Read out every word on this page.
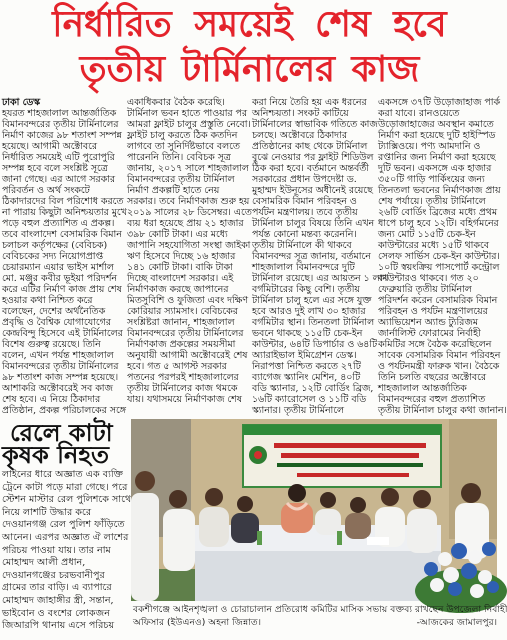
নির্ধারিত সময়েই শেষ হবে
তৃতীয় টার্মিনালের কাজ
ঢাকা ডেস্ক
হযরত শাহজালাল আন্তর্জাতিক
বিমানবন্দরের তৃতীয় টার্মিনালের
নির্মাণ কাজের ৯৮ শতাংশ সম্পন্ন
হয়েছে। আগামী অক্টোবরে
নির্ধারিত সময়েই এটি পুরোপুরি
সম্পন্ন হবে বলে সংশ্লিষ্ট সূত্রে
জানা গেছে। এর আগে সরকার
পরিবর্তন ও অর্থ সংকটে
ঠিকাদারদের বিল পরিশোধ করতে
না পারায় কিছুটা অনিশ্চয়তার মুখে
পড়ে বহুল প্রত্যাশিত এ প্রকল্প।
তবে বাংলাদেশ বেসামরিক বিমান
চলাচল কর্তৃপক্ষের (বেবিচক)
বেবিচকের সদ্য নিয়োগপ্রাপ্ত
চেয়ারম্যান এয়ার ভাইস মার্শাল
মো. মঞ্জুর কবীর ভূইয়া পরিদর্শন
করে এটির নির্মাণ কাজ প্রায় শেষ
হওয়ার কথা নিশ্চিত করে
বলেছেন, দেশের অর্থনৈতিক
প্রবৃদ্ধি ও বৈশ্বিক যোগাযোগের
কেন্দ্রবিন্দু হিসেবে এই টার্মিনালের
বিশেষ গুরুত্ব রয়েছে। তিনি
বলেন, এখন পর্যন্ত শাহজালাল
বিমানবন্দরের তৃতীয় টার্মিনালের
৯৮ শতাংশ কাজ সম্পন্ন হয়েছে।
আশাকরি অক্টোবরেই সব কাজ
শেষ হবে। এ নিয়ে ঠিকাদার
প্রতিষ্ঠান, প্রকল্প পরিচালকের সঙ্গে
একাধিকবার বৈঠক করেছি।
টার্মিনাল ভবন হাতে পাওয়ার পর
আমরা ফ্লাইট চালুর প্রস্তুতি নেবো।
ফ্লাইট চালু করতে ঠিক কতদিন
লাগবে তা সুনির্দিষ্টভাবে বলতে
পারেননি তিনি। বেবিচক সূত্র
জানায়, ২০১৭ সালে শাহজালাল
বিমানবন্দরের তৃতীয় টার্মিনাল
নির্মাণ প্রকল্পটি হাতে নেয়
সরকার। তবে নির্মাণকাজ শুরু হয়
২০১৯ সালের ২৮ ডিসেম্বর। এতে
ব্যয় ধরা হয়েছে প্রায় ২১ হাজার
৩৯৮ কোটি টাকা। এর মধ্যে
জাপানি সহযোগিতা সংস্থা জাইকা
ঋণ হিসেবে দিচ্ছে ১৬ হাজার
১৪১ কোটি টাকা। বাকি টাকা
দিচ্ছে বাংলাদেশ সরকার। এই
নির্মাণকাজ করছে জাপানের
মিতসুবিশি ও ফুজিতা এবং দক্ষিণ
কোরিয়ার স্যামসাং। বেবিচকের
সংশ্লিষ্টরা জানান, শাহজালাল
বিমানবন্দরের তৃতীয় টার্মিনালের
নির্মাণকাজ প্রকল্পের সময়সীমা
অনুযায়ী আগামী অক্টোবরেই শেষ
হবে। গত ৫ আগস্ট সরকার
পতনের পরপরই শাহজালালের
তৃতীয় টার্মিনালের কাজ থমকে
যায়। যথাসময়ে নির্মাণকাজ শেষ
করা নিয়ে তৈরি হয় এক ধরনের
অনিশ্চয়তা। সংকট কাটিয়ে
টার্মিনালের স্বাভাবিক গতিতে কাজ
চলছে। অক্টোবরে ঠিকাদার
প্রতিষ্ঠানের কাছ থেকে টার্মিনাল
বুঝে নেওয়ার পর ফ্লাইট শিডিউল
ঠিক করা হবে। বর্তমানে অন্তর্বর্তী
সরকারের প্রধান উপদেষ্টা ড.
মুহাম্মদ ইউনূসের অধীনেই রয়েছে
বেসামরিক বিমান পরিবহন ও
পর্যটন মন্ত্রণালয়। তবে তৃতীয়
টার্মিনাল চালুর বিষয়ে তিনি এখন
পর্যন্ত কোনো মন্তব্য করেননি।
তৃতীয় টার্মিনালে কী থাকবে
বিমানবন্দর সূত্র জানায়, বর্তমানে
শাহজালাল বিমানবন্দরে দুটি
টার্মিনাল রয়েছে। এর আয়তন ১ লাখ
বর্গমিটারের কিছু বেশি। তৃতীয়
টার্মিনাল চালু হলে এর সঙ্গে যুক্ত
হবে আরও দুই লাখ ৩০ হাজার
বর্গমিটার স্থান। তিনতলা টার্মিনাল
ভবনে থাকছে ১১৫টি চেক-ইন
কাউন্টার, ৬৪টি ডিপার্চার ও ৬৪টি
অ্যারাইভাল ইমিগ্রেশন ডেস্ক।
নিরাপত্তা নিশ্চিত করতে ২৭টি
ব্যাগেজ স্ক্যানিং মেশিন, ৪০টি
বডি স্ক্যানার, ১২টি বোর্ডিং ব্রিজ,
১৬টি ক্যারোসেল ও ১১টি বডি
স্ক্যানার। তৃতীয় টার্মিনালে
একসঙ্গে ৩৭টি উড়োজাহাজ পার্ক
করা যাবে। রানওয়েতে
উড়োজাহাজের অবস্থান কমাতে
নির্মাণ করা হয়েছে দুটি হাইস্পিড
ট্যাক্সিওয়ে। পণ্য আমদানি ও
রপ্তানির জন্য নির্মাণ করা হয়েছে
দুটি ভবন। একসঙ্গে এক হাজার
৩৫০টি গাড়ি পার্কিংয়ের জন্য
তিনতলা ভবনের নির্মাণকাজ প্রায়
শেষ পর্যায়ে। তৃতীয় টার্মিনালে
২৬টি বোর্ডিং ব্রিজের মধ্যে প্রথম
ধাপে চালু হবে ১২টি। বহির্গমনের
জন্য মোট ১১৫টি চেক-ইন
কাউন্টারের মধ্যে ১৫টি থাকবে
সেলফ সার্ভিস চেক-ইন কাউন্টার।
১০টি স্বয়ংক্রিয় পাসপোর্ট কন্ট্রোল
কাউন্টারও থাকবে। গত ২০
ফেব্রুয়ারি তৃতীয় টার্মিনাল
পরিদর্শন করেন বেসামরিক বিমান
পরিবহন ও পর্যটন মন্ত্রণালয়ের
অ্যাভিয়েশন অ্যান্ড ট্যুরিজম
জার্নালিস্ট ফোরামের নির্বাহী
কমিটির সঙ্গে বৈঠক করেছিলেন
সাবেক বেসামরিক বিমান পরিবহন
ও পর্যটনমন্ত্রী ফারুক খান। বৈঠকে
তিনি চলতি বছরের অক্টোবরে
শাহজালাল আন্তর্জাতিক
বিমানবন্দরের বহুল প্রত্যাশিত
তৃতীয় টার্মিনাল চালুর কথা জানান।
রেলে কাটা
কৃষক নিহত
লাইনের ধারে অজ্ঞাত এক ব্যক্তি
ট্রেনে কাটা পড়ে মারা গেছে। পরে
স্টেশন মাস্টার রেল পুলিশকে সাথে
নিয়ে লাশটি উদ্ধার করে
দেওয়ানগঞ্জ রেল পুলিশ ফাঁড়িতে
আনেন। এরপর অজ্ঞাত ঐ লাশের
পরিচয় পাওয়া যায়। তার নাম
মোহাম্মদ আলী প্রধান,
দেওয়ানগঞ্জের চরভবানীপুর
গ্রামের তার বাড়ি। এ ব্যাপারে
মোহাম্মদ জাহাঙ্গীর স্ত্রী, সন্তান,
ভাইবোন ও বংশের লোকজন
জিআরপি থানায় এসে পরিচয়
বকশীগঞ্জে আইনশৃঙ্খলা ও চোরাচালান প্রতিরোধ কমিটির মাসিক সভায় বক্তব্য রাখছেন উপজেলা নির্বাহী
অফিসার (ইউএনও) অহনা জিন্নাত।	-আজকের জামালপুর।
